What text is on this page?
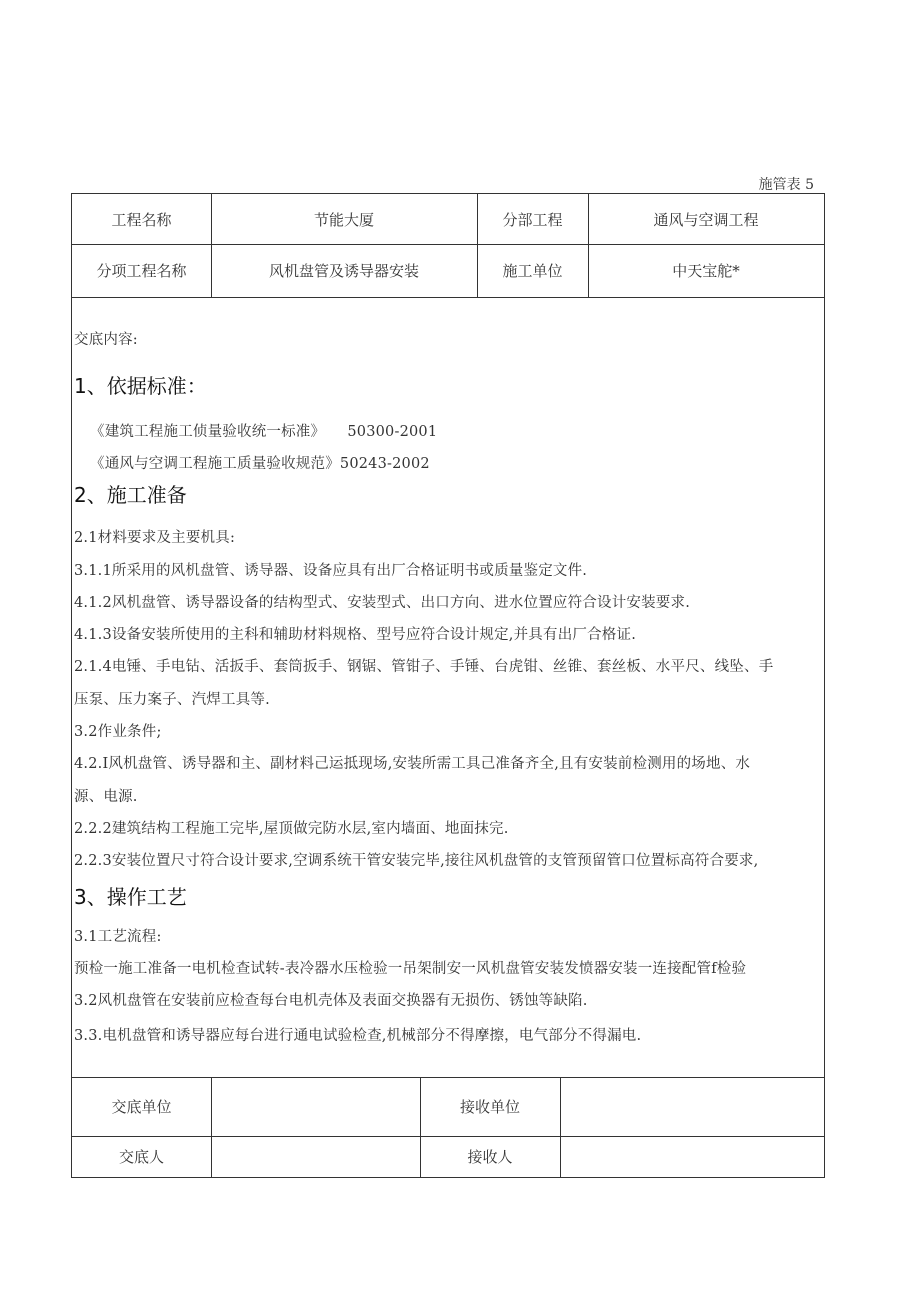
施管表 5
工程名称	节能大厦	分部工程	通风与空调工程
分项工程名称	风机盘管及诱导器安装	施工单位	中天宝舵*
交底内容:
1、依据标准：
《建筑工程施工侦量验收统一标准》　　50300-2001
《通风与空调工程施工质量验收规范》50243-2002
2、施工准备
2.1材料要求及主要机具:
3.1.1所采用的风机盘管、诱导器、设备应具有出厂合格证明书或质量鉴定文件.
4.1.2风机盘管、诱导器设备的结构型式、安装型式、出口方向、进水位置应符合设计安装要求.
4.1.3设备安装所使用的主科和辅助材料规格、型号应符合设计规定,并具有出厂合格证.
2.1.4电锤、手电钻、活扳手、套筒扳手、钢锯、管钳子、手锤、台虎钳、丝锥、套丝板、水平尺、线坠、手
压泵、压力案子、汽焊工具等.
3.2作业条件;
4.2.I风机盘管、诱导器和主、副材料己运抵现场,安装所需工具己准备齐全,且有安装前检测用的场地、水
源、电源.
2.2.2建筑结构工程施工完毕,屋顶做完防水层,室内墙面、地面抹完.
2.2.3安装位置尺寸符合设计要求,空调系统干管安装完毕,接往风机盘管的支管预留管口位置标高符合要求,
3、操作工艺
3.1工艺流程:
预检一施工准备一电机检查试转-表冷器水压检验一吊架制安一风机盘管安装发愤器安装一连接配管f检验
3.2风机盘管在安装前应检查每台电机壳体及表面交换器有无损伤、锈蚀等缺陷.
3.3.电机盘管和诱导器应每台进行通电试验检查,机械部分不得摩擦，电气部分不得漏电.
交底单位	接收单位
交底人	接收人
